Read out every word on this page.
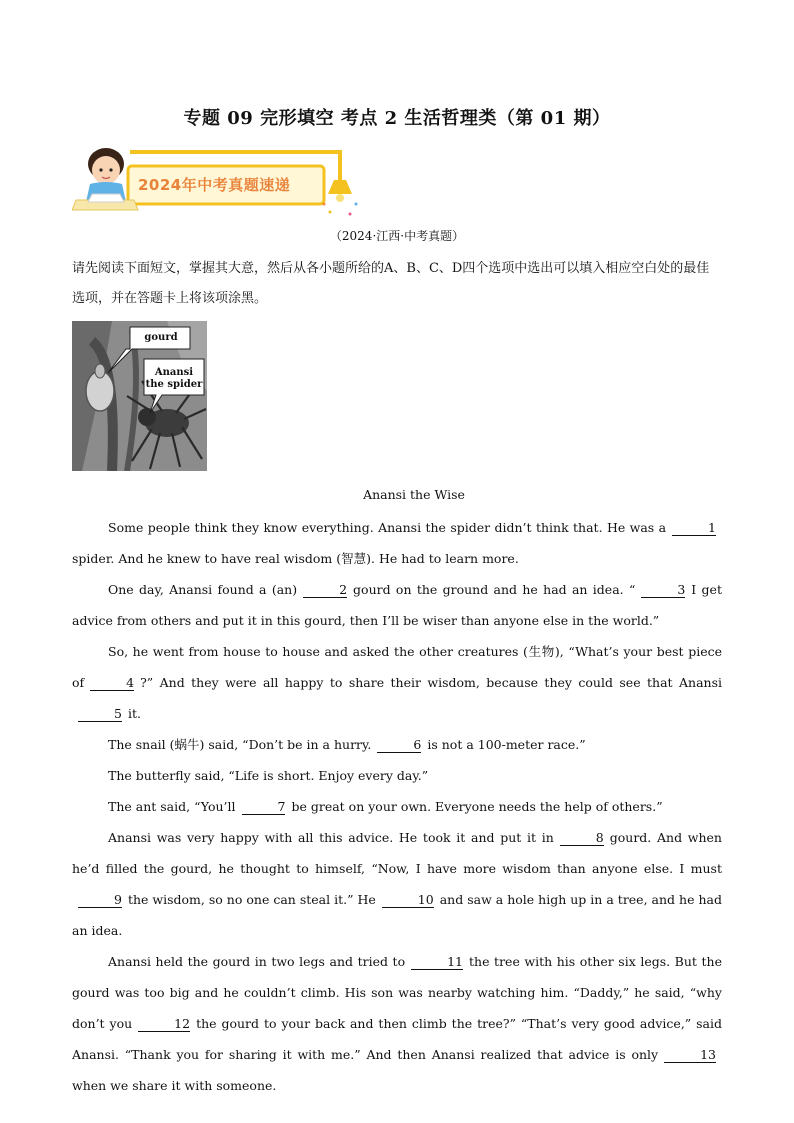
专题 09 完形填空 考点 2 生活哲理类（第 01 期）
2024年中考真题速递
（2024·江西·中考真题）
请先阅读下面短文，掌握其大意，然后从各小题所给的A、B、C、D四个选项中选出可以填入相应空白处的最佳选项，并在答题卡上将该项涂黑。
gourd
Anansi
the spider
Anansi the Wise

Some people think they know everything. Anansi the spider didn’t think that. He was a	1spider. And he knew to have real wisdom (智慧). He had to learn more.

One day, Anansi found a (an)	2 gourd on the ground and he had an idea. “	3 I get advice from others and put it in this gourd, then I’ll be wiser than anyone else in the world.”

So, he went from house to house and asked the other creatures (生物), “What’s your best piece of	4 ?” And they were all happy to share their wisdom, because they could see that Anansi5 it.

The snail (蜗牛) said, “Don’t be in a hurry.	6 is not a 100-meter race.”

The butterfly said, “Life is short. Enjoy every day.”

The ant said, “You’ll	7 be great on your own. Everyone needs the help of others.”

Anansi was very happy with all this advice. He took it and put it in	8 gourd. And when he’d filled the gourd, he thought to himself, “Now, I have more wisdom than anyone else. I must9 the wisdom, so no one can steal it.” He	10 and saw a hole high up in a tree, and he had an idea.

Anansi held the gourd in two legs and tried to	11 the tree with his other six legs. But the gourd was too big and he couldn’t climb. His son was nearby watching him. “Daddy,” he said, “why don’t you	12 the gourd to your back and then climb the tree?” “That’s very good advice,” said Anansi. “Thank you for sharing it with me.” And then Anansi realized that advice is only	13when we share it with someone.
